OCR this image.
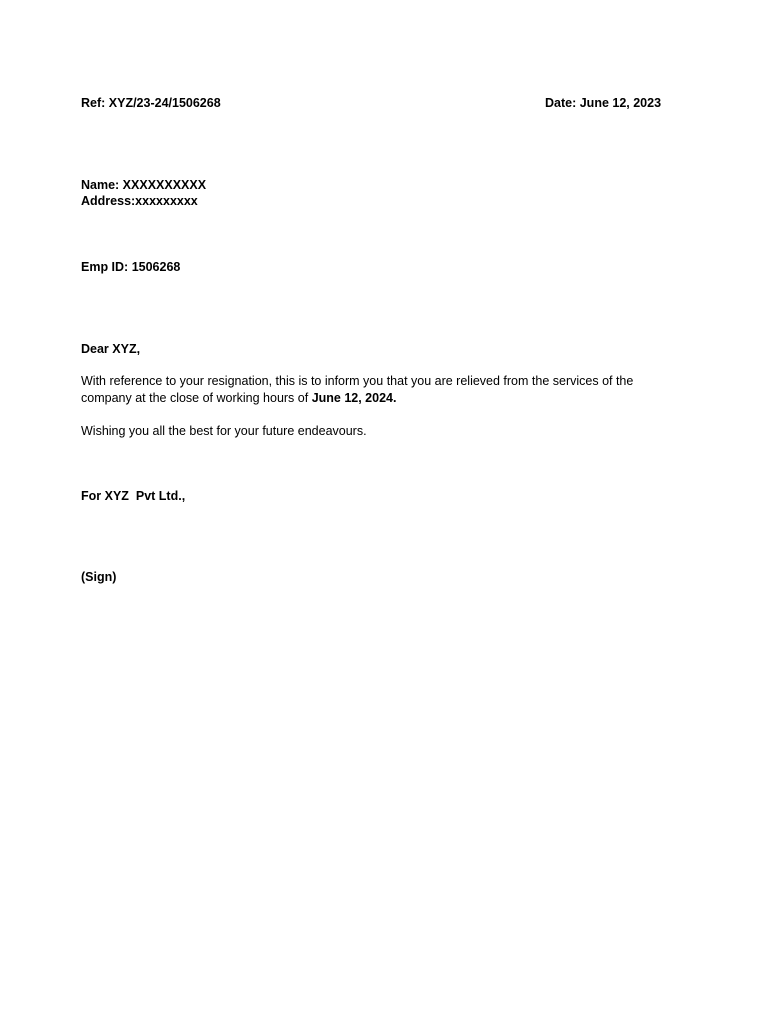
Ref: XYZ/23-24/1506268	Date: June 12, 2023
Name: XXXXXXXXXX
Address:xxxxxxxxx
Emp ID: 1506268
Dear XYZ,
With reference to your resignation, this is to inform you that you are relieved from the services of the company at the close of working hours of June 12, 2024.
Wishing you all the best for your future endeavours.
For XYZ  Pvt Ltd.,
(Sign)
